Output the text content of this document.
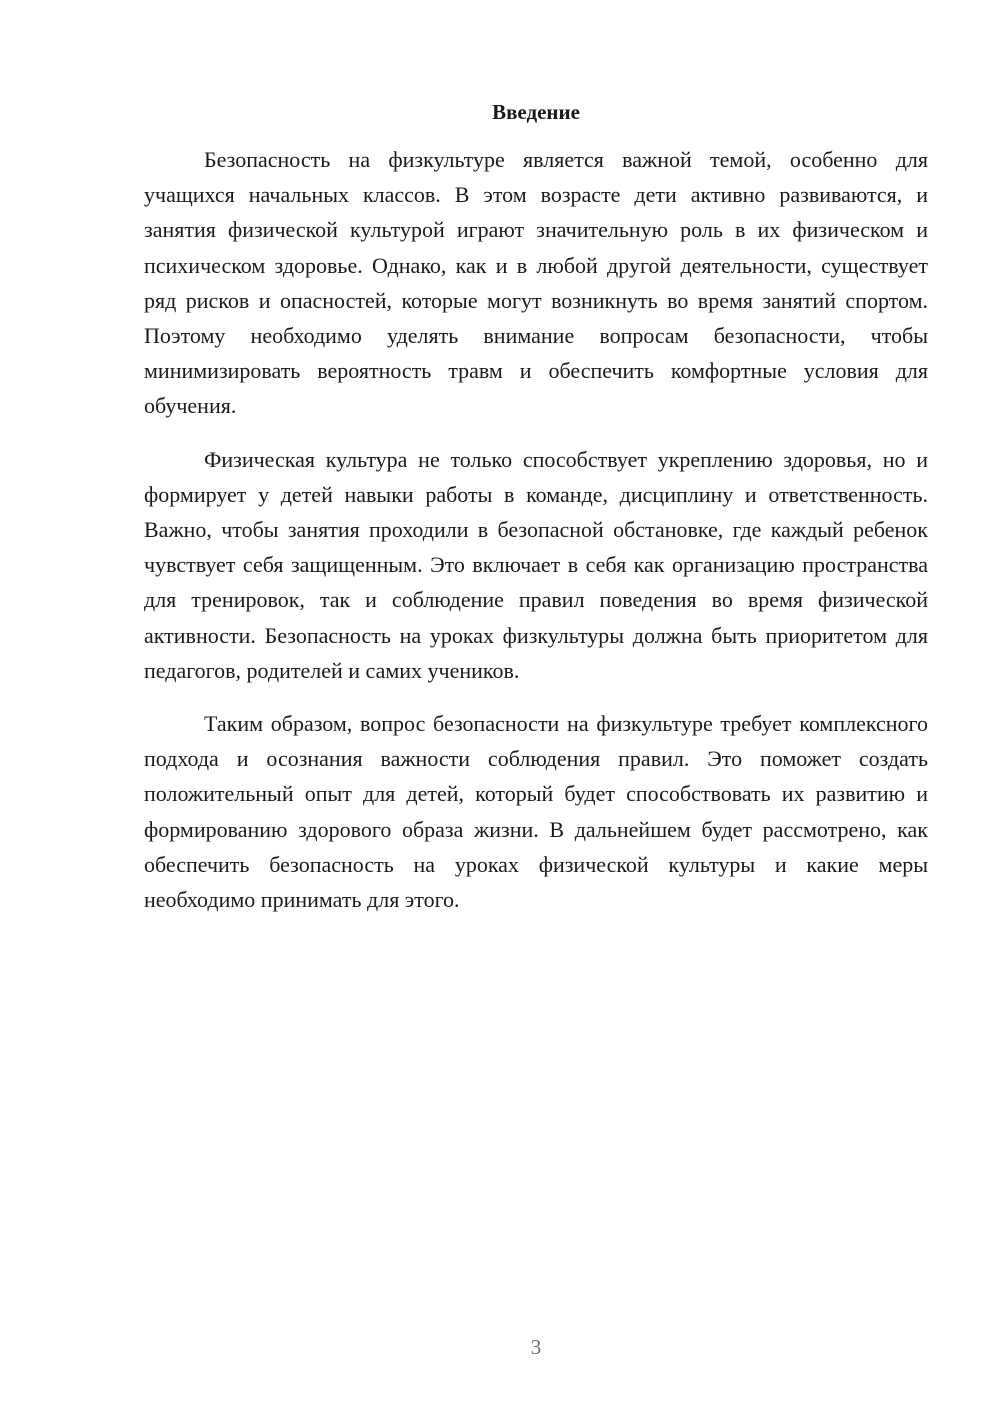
Введение

Безопасность на физкультуре является важной темой, особенно для учащихся начальных классов. В этом возрасте дети активно развиваются, и занятия физической культурой играют значительную роль в их физическом и психическом здоровье. Однако, как и в любой другой деятельности, существует ряд рисков и опасностей, которые могут возникнуть во время занятий спортом. Поэтому необходимо уделять внимание вопросам безопасности, чтобы минимизировать вероятность травм и обеспечить комфортные условия для обучения.

Физическая культура не только способствует укреплению здоровья, но и формирует у детей навыки работы в команде, дисциплину и ответственность. Важно, чтобы занятия проходили в безопасной обстановке, где каждый ребенок чувствует себя защищенным. Это включает в себя как организацию пространства для тренировок, так и соблюдение правил поведения во время физической активности. Безопасность на уроках физкультуры должна быть приоритетом для педагогов, родителей и самих учеников.

Таким образом, вопрос безопасности на физкультуре требует комплексного подхода и осознания важности соблюдения правил. Это поможет создать положительный опыт для детей, который будет способствовать их развитию и формированию здорового образа жизни. В дальнейшем будет рассмотрено, как обеспечить безопасность на уроках физической культуры и какие меры необходимо принимать для этого.

3
